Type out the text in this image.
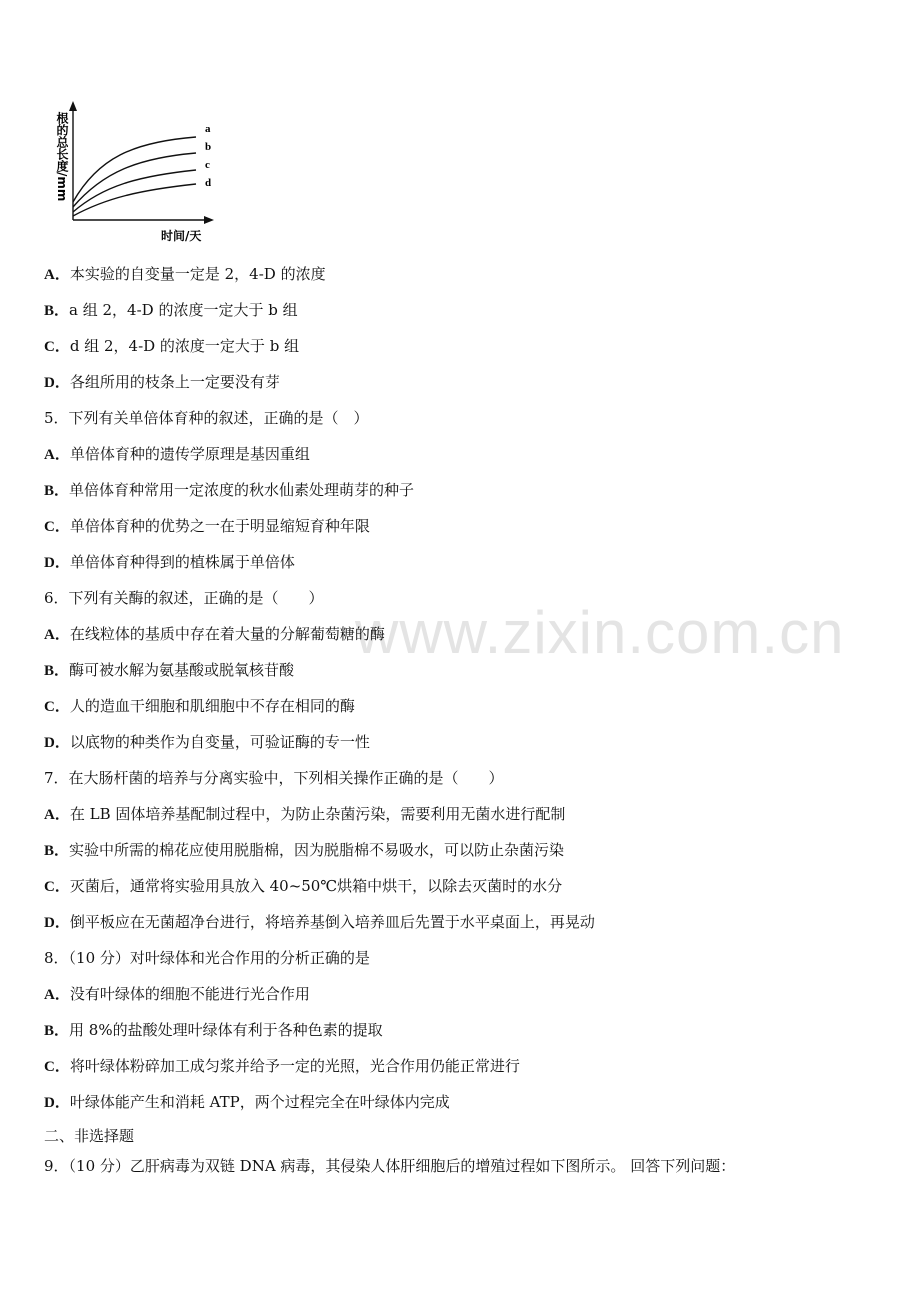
a
b
c
d
根的总长度/mm
时间/天
www.zixin.com.cn
A．本实验的自变量一定是 2，4-D 的浓度
B．a 组 2，4-D 的浓度一定大于 b 组
C．d 组 2，4-D 的浓度一定大于 b 组
D．各组所用的枝条上一定要没有芽
5．下列有关单倍体育种的叙述，正确的是（　）
A．单倍体育种的遗传学原理是基因重组
B．单倍体育种常用一定浓度的秋水仙素处理萌芽的种子
C．单倍体育种的优势之一在于明显缩短育种年限
D．单倍体育种得到的植株属于单倍体
6．下列有关酶的叙述，正确的是（　　）
A．在线粒体的基质中存在着大量的分解葡萄糖的酶
B．酶可被水解为氨基酸或脱氧核苷酸
C．人的造血干细胞和肌细胞中不存在相同的酶
D．以底物的种类作为自变量，可验证酶的专一性
7．在大肠杆菌的培养与分离实验中，下列相关操作正确的是（　　）
A．在 LB 固体培养基配制过程中，为防止杂菌污染，需要利用无菌水进行配制
B．实验中所需的棉花应使用脱脂棉，因为脱脂棉不易吸水，可以防止杂菌污染
C．灭菌后，通常将实验用具放入 40~50℃烘箱中烘干，以除去灭菌时的水分
D．倒平板应在无菌超净台进行，将培养基倒入培养皿后先置于水平桌面上，再晃动
8．（10 分）对叶绿体和光合作用的分析正确的是
A．没有叶绿体的细胞不能进行光合作用
B．用 8%的盐酸处理叶绿体有利于各种色素的提取
C．将叶绿体粉碎加工成匀浆并给予一定的光照，光合作用仍能正常进行
D．叶绿体能产生和消耗 ATP，两个过程完全在叶绿体内完成
二、非选择题
9．（10 分）乙肝病毒为双链 DNA 病毒，其侵染人体肝细胞后的增殖过程如下图所示。 回答下列问题：
